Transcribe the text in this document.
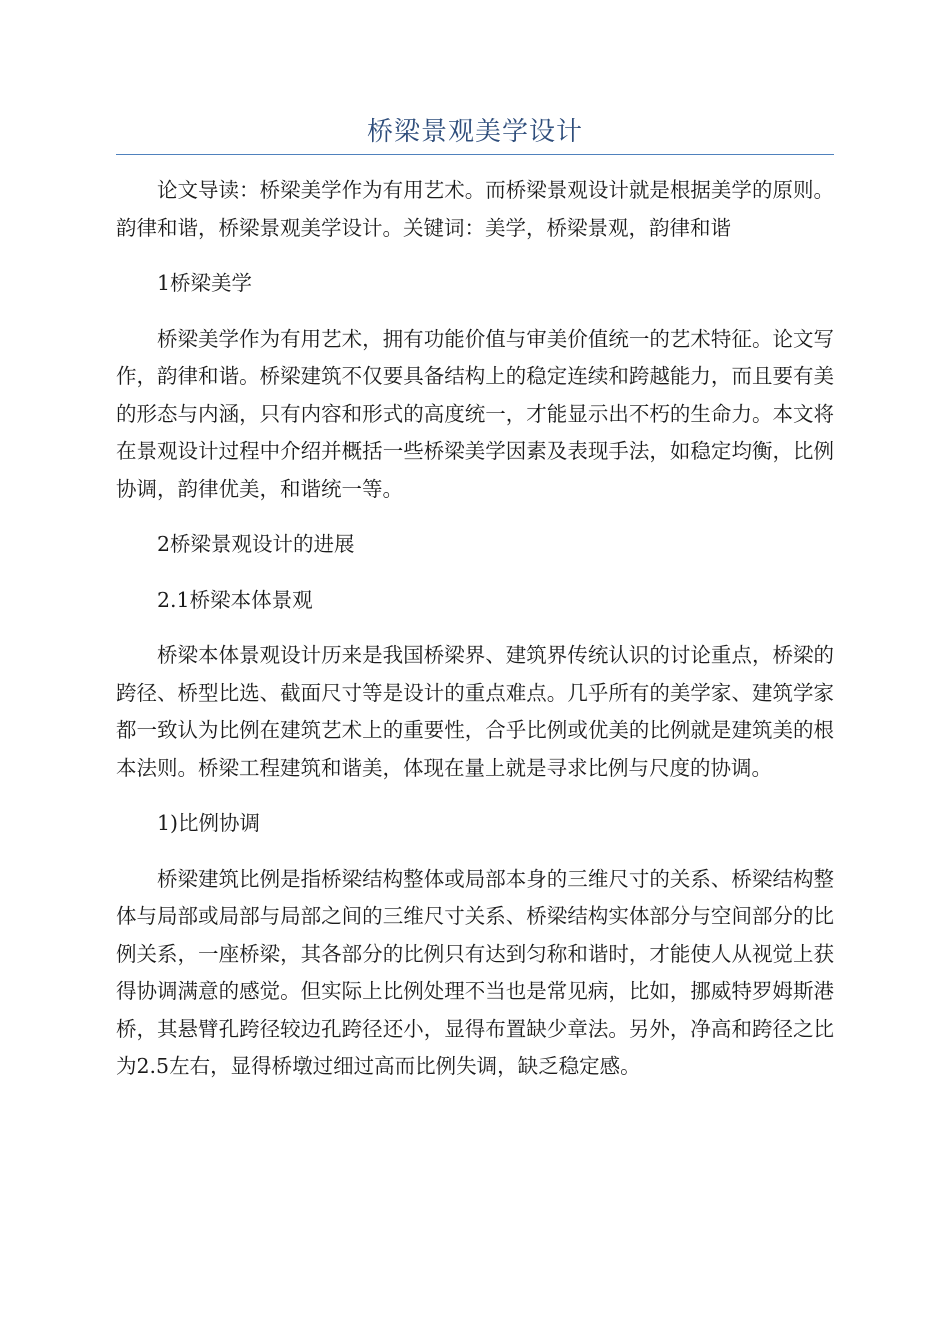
桥梁景观美学设计

论文导读：桥梁美学作为有用艺术。而桥梁景观设计就是根据美学的原则。韵律和谐，桥梁景观美学设计。关键词：美学，桥梁景观，韵律和谐

1桥梁美学

桥梁美学作为有用艺术，拥有功能价值与审美价值统一的艺术特征。论文写作，韵律和谐。桥梁建筑不仅要具备结构上的稳定连续和跨越能力，而且要有美的形态与内涵，只有内容和形式的高度统一，才能显示出不朽的生命力。本文将在景观设计过程中介绍并概括一些桥梁美学因素及表现手法，如稳定均衡，比例协调，韵律优美，和谐统一等。

2桥梁景观设计的进展

2.1桥梁本体景观

桥梁本体景观设计历来是我国桥梁界、建筑界传统认识的讨论重点，桥梁的跨径、桥型比选、截面尺寸等是设计的重点难点。几乎所有的美学家、建筑学家都一致认为比例在建筑艺术上的重要性，合乎比例或优美的比例就是建筑美的根本法则。桥梁工程建筑和谐美，体现在量上就是寻求比例与尺度的协调。

1)比例协调

桥梁建筑比例是指桥梁结构整体或局部本身的三维尺寸的关系、桥梁结构整体与局部或局部与局部之间的三维尺寸关系、桥梁结构实体部分与空间部分的比例关系，一座桥梁，其各部分的比例只有达到匀称和谐时，才能使人从视觉上获得协调满意的感觉。但实际上比例处理不当也是常见病，比如，挪威特罗姆斯港桥，其悬臂孔跨径较边孔跨径还小，显得布置缺少章法。另外，净高和跨径之比为2.5左右，显得桥墩过细过高而比例失调，缺乏稳定感。
